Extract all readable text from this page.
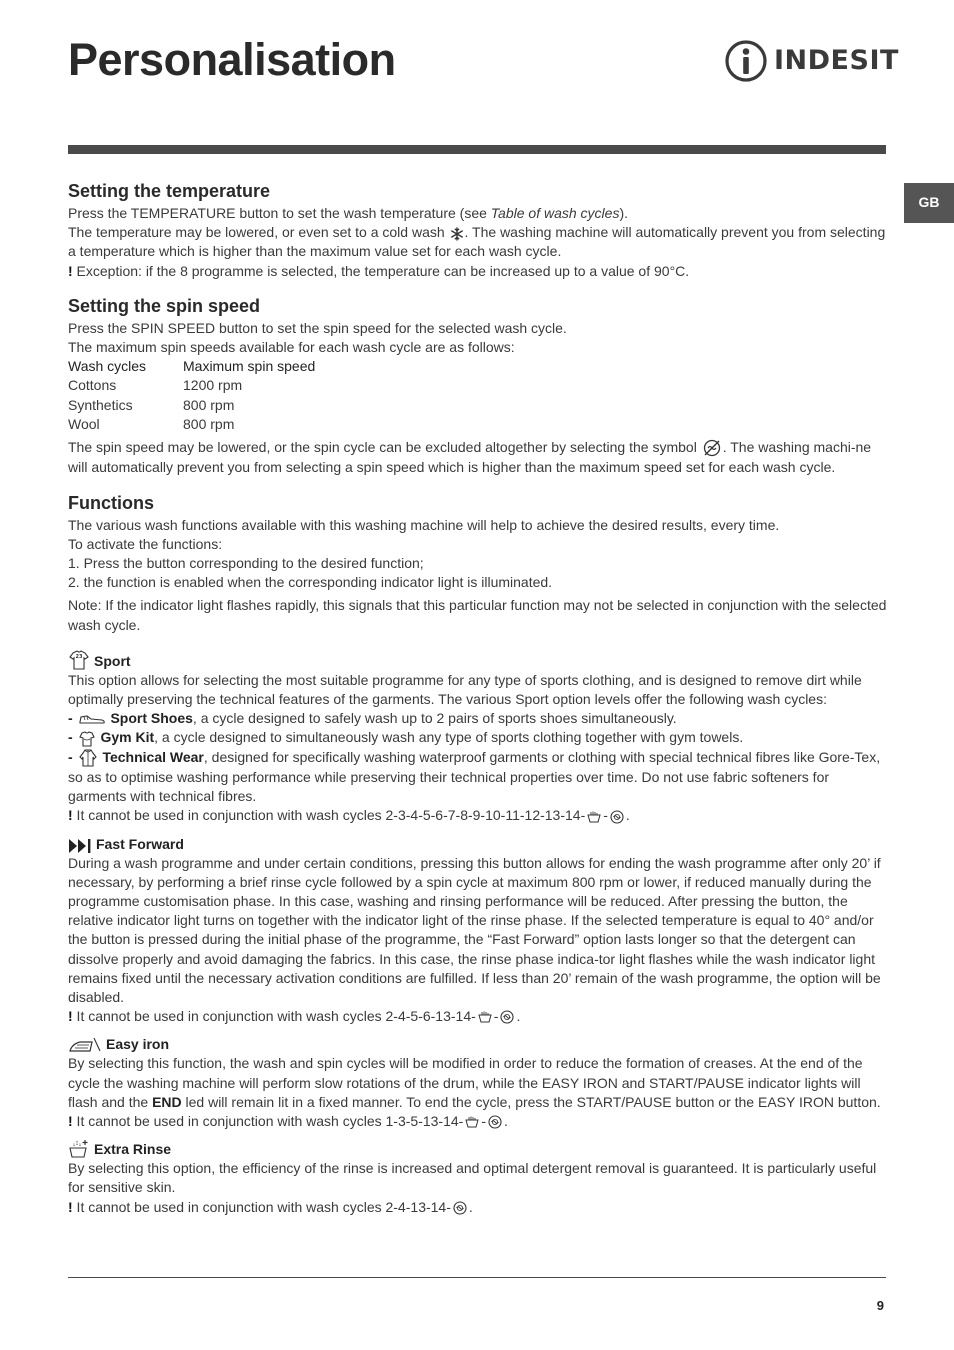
Personalisation	INDESIT
GB
Setting the temperature

Press the TEMPERATURE button to set the wash temperature (see Table of wash cycles).

The temperature may be lowered, or even set to a cold wash . The washing machine will automatically prevent you from selecting a temperature which is higher than the maximum value set for each wash cycle.

! Exception: if the 8 programme is selected, the temperature can be increased up to a value of 90°C.

Setting the spin speed

Press the SPIN SPEED button to set the spin speed for the selected wash cycle.

The maximum spin speeds available for each wash cycle are as follows:

Wash cycles	Maximum spin speed
Cottons	1200 rpm
Synthetics	800 rpm
Wool	800 rpm

The spin speed may be lowered, or the spin cycle can be excluded altogether by selecting the symbol . The washing machi-ne will automatically prevent you from selecting a spin speed which is higher than the maximum speed set for each wash cycle.

Functions

The various wash functions available with this washing machine will help to achieve the desired results, every time.

To activate the functions:

1. Press the button corresponding to the desired function;

2. the function is enabled when the corresponding indicator light is illuminated.

Note: If the indicator light flashes rapidly, this signals that this particular function may not be selected in conjunction with the selected wash cycle.

23 Sport

This option allows for selecting the most suitable programme for any type of sports clothing, and is designed to remove dirt while optimally preserving the technical features of the garments. The various Sport option levels offer the following wash cycles:

-	Sport Shoes, a cycle designed to safely wash up to 2 pairs of sports shoes simultaneously.

- Gym Kit, a cycle designed to simultaneously wash any type of sports clothing together with gym towels.

- Technical Wear, designed for specifically washing waterproof garments or clothing with special technical fibres like Gore-Tex, so as to optimise washing performance while preserving their technical properties over time. Do not use fabric softeners for garments with technical fibres.

! It cannot be used in conjunction with wash cycles 2-3-4-5-6-7-8-9-10-11-12-13-14- - .

Fast Forward

During a wash programme and under certain conditions, pressing this button allows for ending the wash programme after only 20’ if necessary, by performing a brief rinse cycle followed by a spin cycle at maximum 800 rpm or lower, if reduced manually during the programme customisation phase. In this case, washing and rinsing performance will be reduced. After pressing the button, the relative indicator light turns on together with the indicator light of the rinse phase. If the selected temperature is equal to 40° and/or the button is pressed during the initial phase of the programme, the “Fast Forward” option lasts longer so that the detergent can dissolve properly and avoid damaging the fabrics. In this case, the rinse phase indica-tor light flashes while the wash indicator light remains fixed until the necessary activation conditions are fulfilled. If less than 20’ remain of the wash programme, the option will be disabled.

! It cannot be used in conjunction with wash cycles 2-4-5-6-13-14- - .

Easy iron

By selecting this function, the wash and spin cycles will be modified in order to reduce the formation of creases. At the end of the cycle the washing machine will perform slow rotations of the drum, while the EASY IRON and START/PAUSE indicator lights will flash and the END led will remain lit in a fixed manner. To end the cycle, press the START/PAUSE button or the EASY IRON button.

! It cannot be used in conjunction with wash cycles 1-3-5-13-14- - .

Extra Rinse

By selecting this option, the efficiency of the rinse is increased and optimal detergent removal is guaranteed. It is particularly useful for sensitive skin.

! It cannot be used in conjunction with wash cycles 2-4-13-14- .

9
